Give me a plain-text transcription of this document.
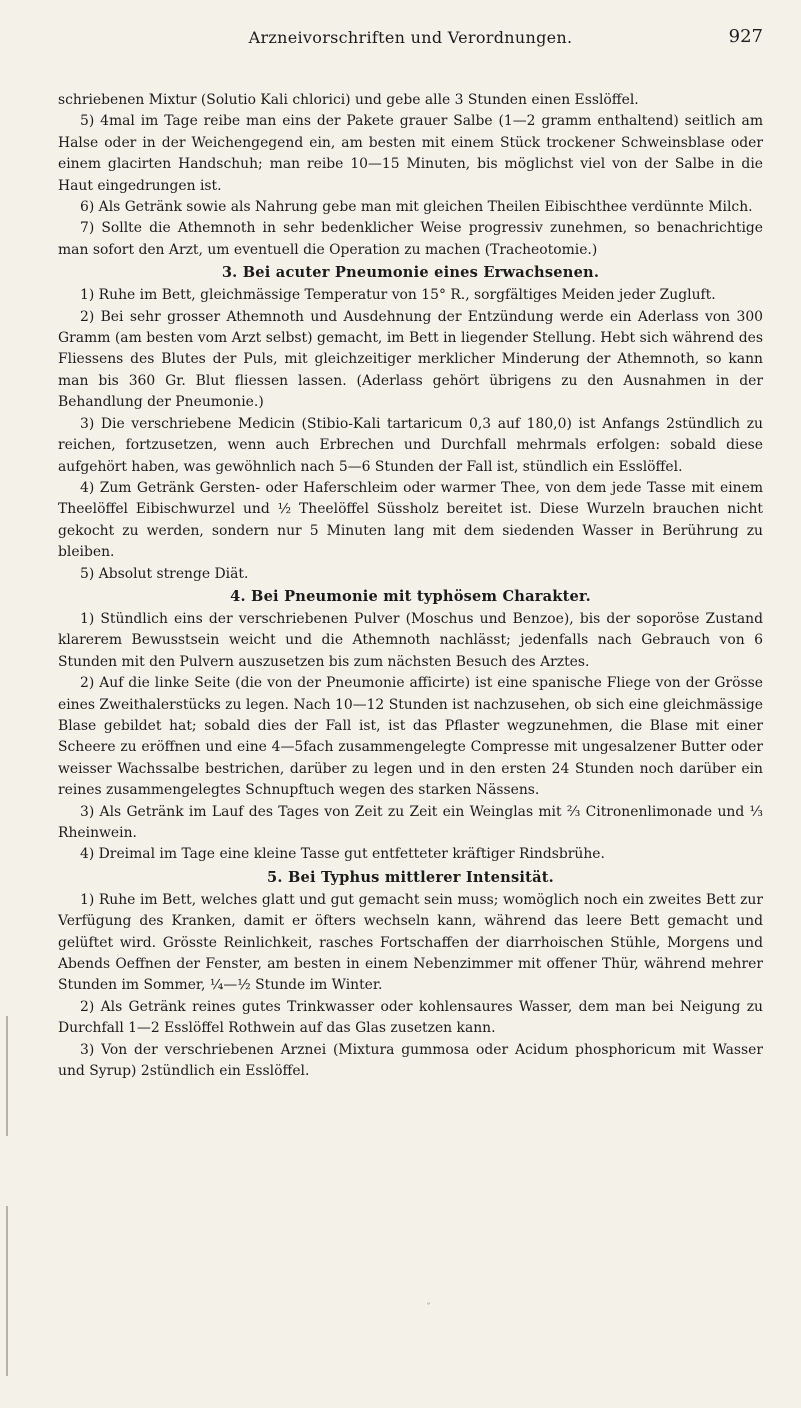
Arzneivorschriften und Verordnungen.	927

schriebenen Mixtur (Solutio Kali chlorici) und gebe alle 3 Stunden einen Esslöffel.

5) 4mal im Tage reibe man eins der Pakete grauer Salbe (1—2 gramm enthaltend) seitlich am Halse oder in der Weichengegend ein, am besten mit einem Stück trockener Schweinsblase oder einem glacirten Handschuh; man reibe 10—15 Minuten, bis möglichst viel von der Salbe in die Haut eingedrungen ist.

6) Als Getränk sowie als Nahrung gebe man mit gleichen Theilen Eibischthee verdünnte Milch.

7) Sollte die Athemnoth in sehr bedenklicher Weise progressiv zunehmen, so benachrichtige man sofort den Arzt, um eventuell die Operation zu machen (Tracheotomie.)

3. Bei acuter Pneumonie eines Erwachsenen.

1) Ruhe im Bett, gleichmässige Temperatur von 15° R., sorgfältiges Meiden jeder Zugluft.

2) Bei sehr grosser Athemnoth und Ausdehnung der Entzündung werde ein Aderlass von 300 Gramm (am besten vom Arzt selbst) gemacht, im Bett in liegender Stellung. Hebt sich während des Fliessens des Blutes der Puls, mit gleichzeitiger merklicher Minderung der Athemnoth, so kann man bis 360 Gr. Blut fliessen lassen. (Aderlass gehört übrigens zu den Ausnahmen in der Behandlung der Pneumonie.)

3) Die verschriebene Medicin (Stibio-Kali tartaricum 0,3 auf 180,0) ist Anfangs 2stündlich zu reichen, fortzusetzen, wenn auch Erbrechen und Durchfall mehrmals erfolgen: sobald diese aufgehört haben, was gewöhnlich nach 5—6 Stunden der Fall ist, stündlich ein Esslöffel.

4) Zum Getränk Gersten- oder Haferschleim oder warmer Thee, von dem jede Tasse mit einem Theelöffel Eibischwurzel und ½ Theelöffel Süssholz bereitet ist. Diese Wurzeln brauchen nicht gekocht zu werden, sondern nur 5 Minuten lang mit dem siedenden Wasser in Berührung zu bleiben.

5) Absolut strenge Diät.

4. Bei Pneumonie mit typhösem Charakter.

1) Stündlich eins der verschriebenen Pulver (Moschus und Benzoe), bis der soporöse Zustand klarerem Bewusstsein weicht und die Athemnoth nachlässt; jedenfalls nach Gebrauch von 6 Stunden mit den Pulvern auszusetzen bis zum nächsten Besuch des Arztes.

2) Auf die linke Seite (die von der Pneumonie afficirte) ist eine spanische Fliege von der Grösse eines Zweithalerstücks zu legen. Nach 10—12 Stunden ist nachzusehen, ob sich eine gleichmässige Blase gebildet hat; sobald dies der Fall ist, ist das Pflaster wegzunehmen, die Blase mit einer Scheere zu eröffnen und eine 4—5fach zusammengelegte Compresse mit ungesalzener Butter oder weisser Wachssalbe bestrichen, darüber zu legen und in den ersten 24 Stunden noch darüber ein reines zusammengelegtes Schnupftuch wegen des starken Nässens.

3) Als Getränk im Lauf des Tages von Zeit zu Zeit ein Weinglas mit ⅔ Citronenlimonade und ⅓ Rheinwein.

4) Dreimal im Tage eine kleine Tasse gut entfetteter kräftiger Rindsbrühe.

5. Bei Typhus mittlerer Intensität.

1) Ruhe im Bett, welches glatt und gut gemacht sein muss; womöglich noch ein zweites Bett zur Verfügung des Kranken, damit er öfters wechseln kann, während das leere Bett gemacht und gelüftet wird. Grösste Reinlichkeit, rasches Fortschaffen der diarrhoischen Stühle, Morgens und Abends Oeffnen der Fenster, am besten in einem Nebenzimmer mit offener Thür, während mehrer Stunden im Sommer, ¼—½ Stunde im Winter.

2) Als Getränk reines gutes Trinkwasser oder kohlensaures Wasser, dem man bei Neigung zu Durchfall 1—2 Esslöffel Rothwein auf das Glas zusetzen kann.

3) Von der verschriebenen Arznei (Mixtura gummosa oder Acidum phosphoricum mit Wasser und Syrup) 2stündlich ein Esslöffel.

ˇ
